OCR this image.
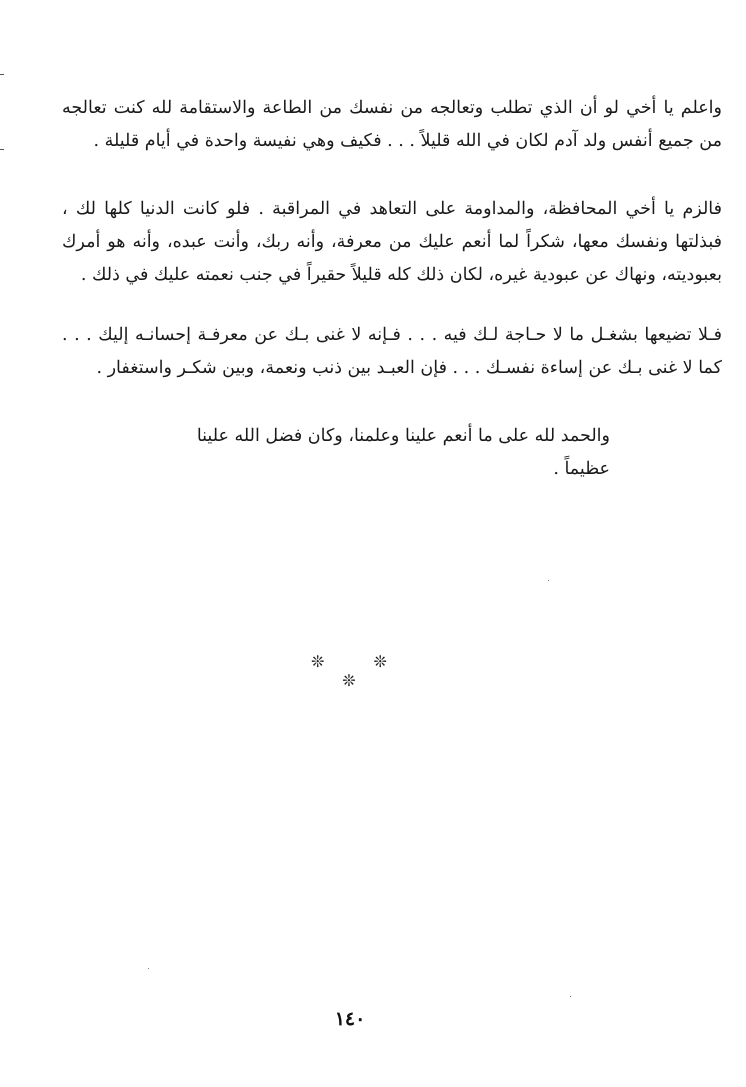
واعلم يا أخي لو أن الذي تطلب وتعالجه من نفسك من الطاعة والاستقامة لله كنت تعالجه من جميع أنفس ولد آدم لكان في الله قليلاً . . . فكيف وهي نفيسة واحدة في أيام قليلة .

فالزم يا أخي المحافظة، والمداومة على التعاهد في المراقبة . فلو كانت الدنيا كلها لك ، فبذلتها ونفسك معها، شكراً لما أنعم عليك من معرفة، وأنه ربك، وأنت عبده، وأنه هو أمرك بعبوديته، ونهاك عن عبودية غيره، لكان ذلك كله قليلاً حقيراً في جنب نعمته عليك في ذلك .

فـلا تضيعها بشغـل ما لا حـاجة لـك فيه . . . فـإنه لا غنى بـك عن معرفـة إحسانـه إليك . . . كما لا غنى بـك عن إساءة نفسـك . . . فإن العبـد بين ذنب ونعمة، وبين شكـر واستغفار .

والحمد لله على ما أنعم علينا وعلمنا، وكان فضل الله علينا عظيماً .

❊ ❊ ❊
١٤٠
